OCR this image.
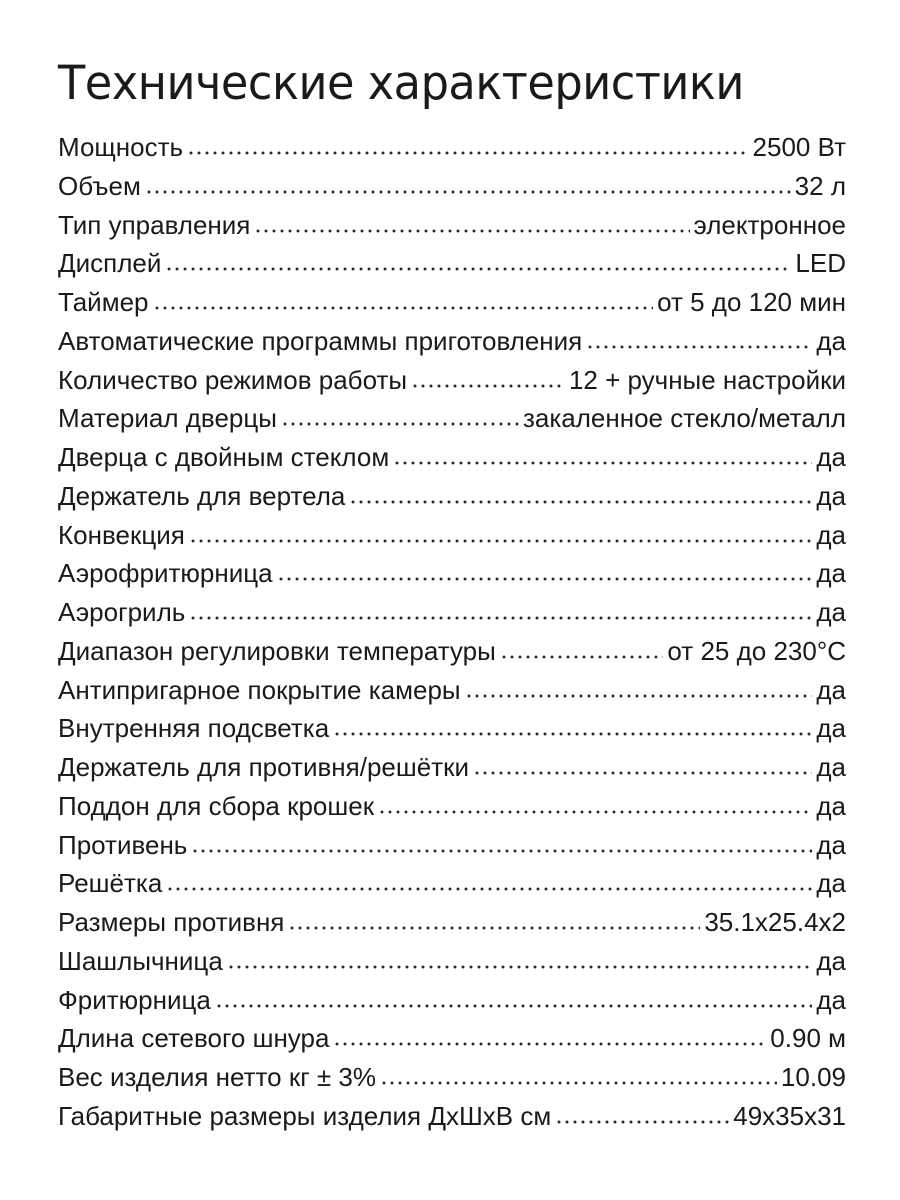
Технические характеристики
Мощность	2500 Вт
Объем	32 л
Тип управления	электронное
Дисплей	LED
Таймер	от 5 до 120 мин
Автоматические программы приготовления	да
Количество режимов работы	12 + ручные настройки
Материал дверцы	закаленное стекло/металл
Дверца с двойным стеклом	да
Держатель для вертела	да
Конвекция	да
Аэрофритюрница	да
Аэрогриль	да
Диапазон регулировки температуры	от 25 до 230°С
Антипригарное покрытие камеры	да
Внутренняя подсветка	да
Держатель для противня/решётки	да
Поддон для сбора крошек	да
Противень	да
Решётка	да
Размеры противня	35.1x25.4x2
Шашлычница	да
Фритюрница	да
Длина сетевого шнура	0.90 м
Вес изделия нетто кг ± 3%	10.09
Габаритные размеры изделия ДхШхВ см	49x35x31
